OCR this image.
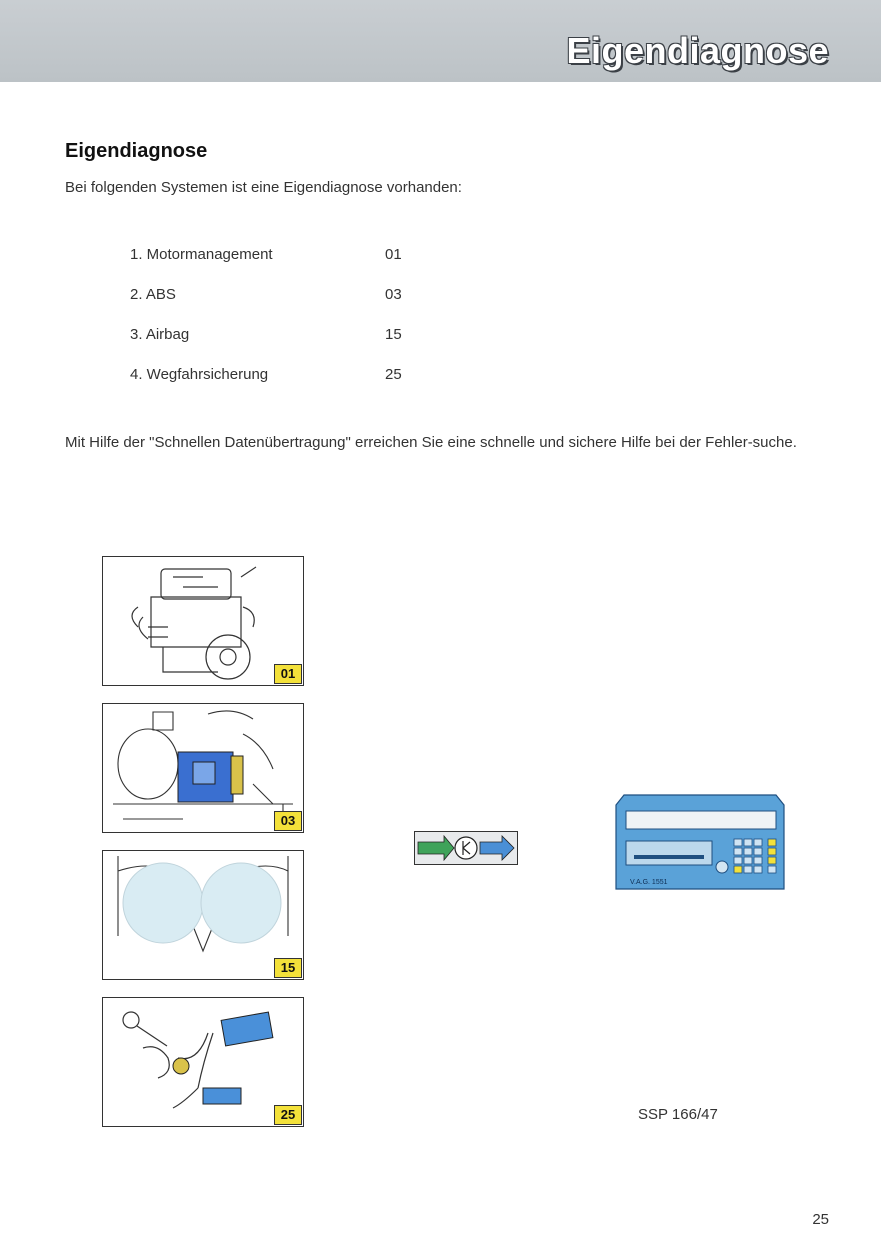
Eigendiagnose
Eigendiagnose
Bei folgenden Systemen ist eine Eigendiagnose vorhanden:
1. Motormanagement	01
2. ABS	03
3. Airbag	15
4. Wegfahrsicherung	25
Mit Hilfe der "Schnellen Datenübertragung" erreichen Sie eine schnelle und sichere Hilfe bei der Fehler-suche.
01
03
15
25
V.A.G. 1551
SSP 166/47
25
